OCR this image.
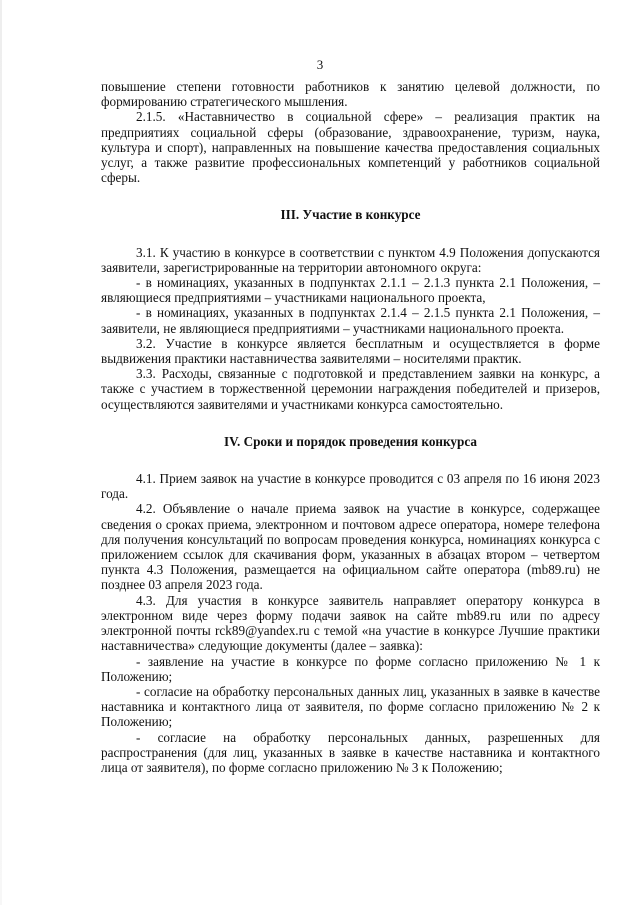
3

повышение степени готовности работников к занятию целевой должности, по формированию стратегического мышления.

2.1.5. «Наставничество в социальной сфере» – реализация практик на предприятиях социальной сферы (образование, здравоохранение, туризм, наука, культура и спорт), направленных на повышение качества предоставления социальных услуг, а также развитие профессиональных компетенций у работников социальной сферы.

III. Участие в конкурсе

3.1. К участию в конкурсе в соответствии с пунктом 4.9 Положения допускаются заявители, зарегистрированные на территории автономного округа:

- в номинациях, указанных в подпунктах 2.1.1 – 2.1.3 пункта 2.1 Положения, – являющиеся предприятиями – участниками национального проекта,

- в номинациях, указанных в подпунктах 2.1.4 – 2.1.5 пункта 2.1 Положения, – заявители, не являющиеся предприятиями – участниками национального проекта.

3.2. Участие в конкурсе является бесплатным и осуществляется в форме выдвижения практики наставничества заявителями – носителями практик.

3.3. Расходы, связанные с подготовкой и представлением заявки на конкурс, а также с участием в торжественной церемонии награждения победителей и призеров, осуществляются заявителями и участниками конкурса самостоятельно.

IV. Сроки и порядок проведения конкурса

4.1. Прием заявок на участие в конкурсе проводится с 03 апреля по 16 июня 2023 года.

4.2. Объявление о начале приема заявок на участие в конкурсе, содержащее сведения о сроках приема, электронном и почтовом адресе оператора, номере телефона для получения консультаций по вопросам проведения конкурса, номинациях конкурса с приложением ссылок для скачивания форм, указанных в абзацах втором – четвертом пункта 4.3 Положения, размещается на официальном сайте оператора (mb89.ru) не позднее 03 апреля 2023 года.

4.3. Для участия в конкурсе заявитель направляет оператору конкурса в электронном виде через форму подачи заявок на сайте mb89.ru или по адресу электронной почты rck89@yandex.ru с темой «на участие в конкурсе Лучшие практики наставничества» следующие документы (далее – заявка):

- заявление на участие в конкурсе по форме согласно приложению № 1 к Положению;

- согласие на обработку персональных данных лиц, указанных в заявке в качестве наставника и контактного лица от заявителя, по форме согласно приложению № 2 к Положению;

- согласие на обработку персональных данных, разрешенных для распространения (для лиц, указанных в заявке в качестве наставника и контактного лица от заявителя), по форме согласно приложению № 3 к Положению;
